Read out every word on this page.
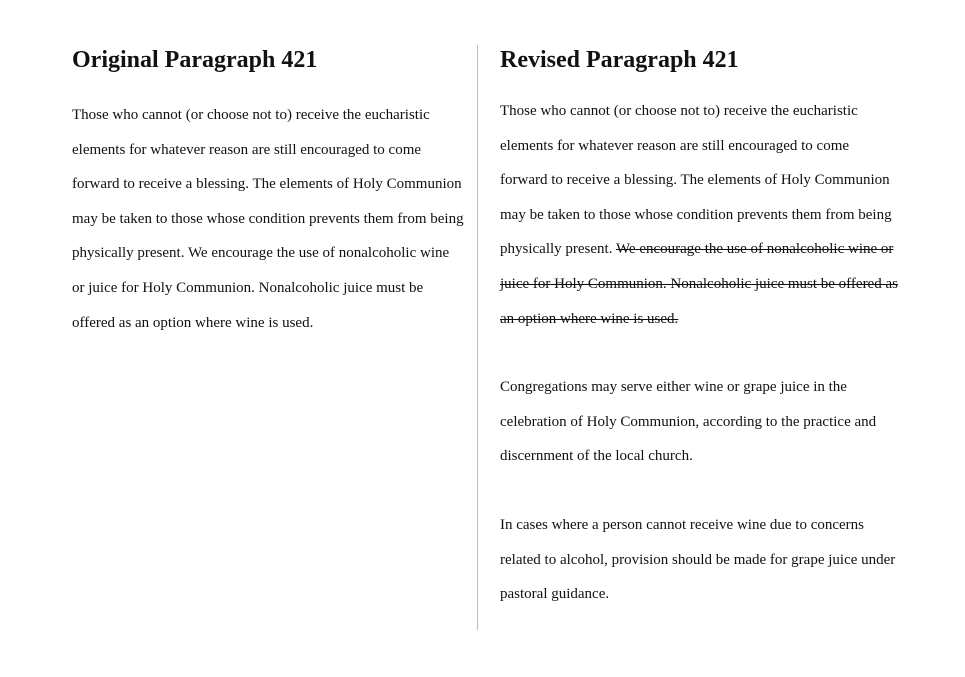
Original Paragraph 421

Those who cannot (or choose not to) receive the eucharistic elements for whatever reason are still encouraged to come forward to receive a blessing. The elements of Holy Communion may be taken to those whose condition prevents them from being physically present. We encourage the use of nonalcoholic wine or juice for Holy Communion. Nonalcoholic juice must be offered as an option where wine is used.

Revised Paragraph 421

Those who cannot (or choose not to) receive the eucharistic elements for whatever reason are still encouraged to come forward to receive a blessing. The elements of Holy Communion may be taken to those whose condition prevents them from being physically present. We encourage the use of nonalcoholic wine or juice for Holy Communion. Nonalcoholic juice must be offered as an option where wine is used.

Congregations may serve either wine or grape juice in the celebration of Holy Communion, according to the practice and discernment of the local church.

In cases where a person cannot receive wine due to concerns related to alcohol, provision should be made for grape juice under pastoral guidance.
